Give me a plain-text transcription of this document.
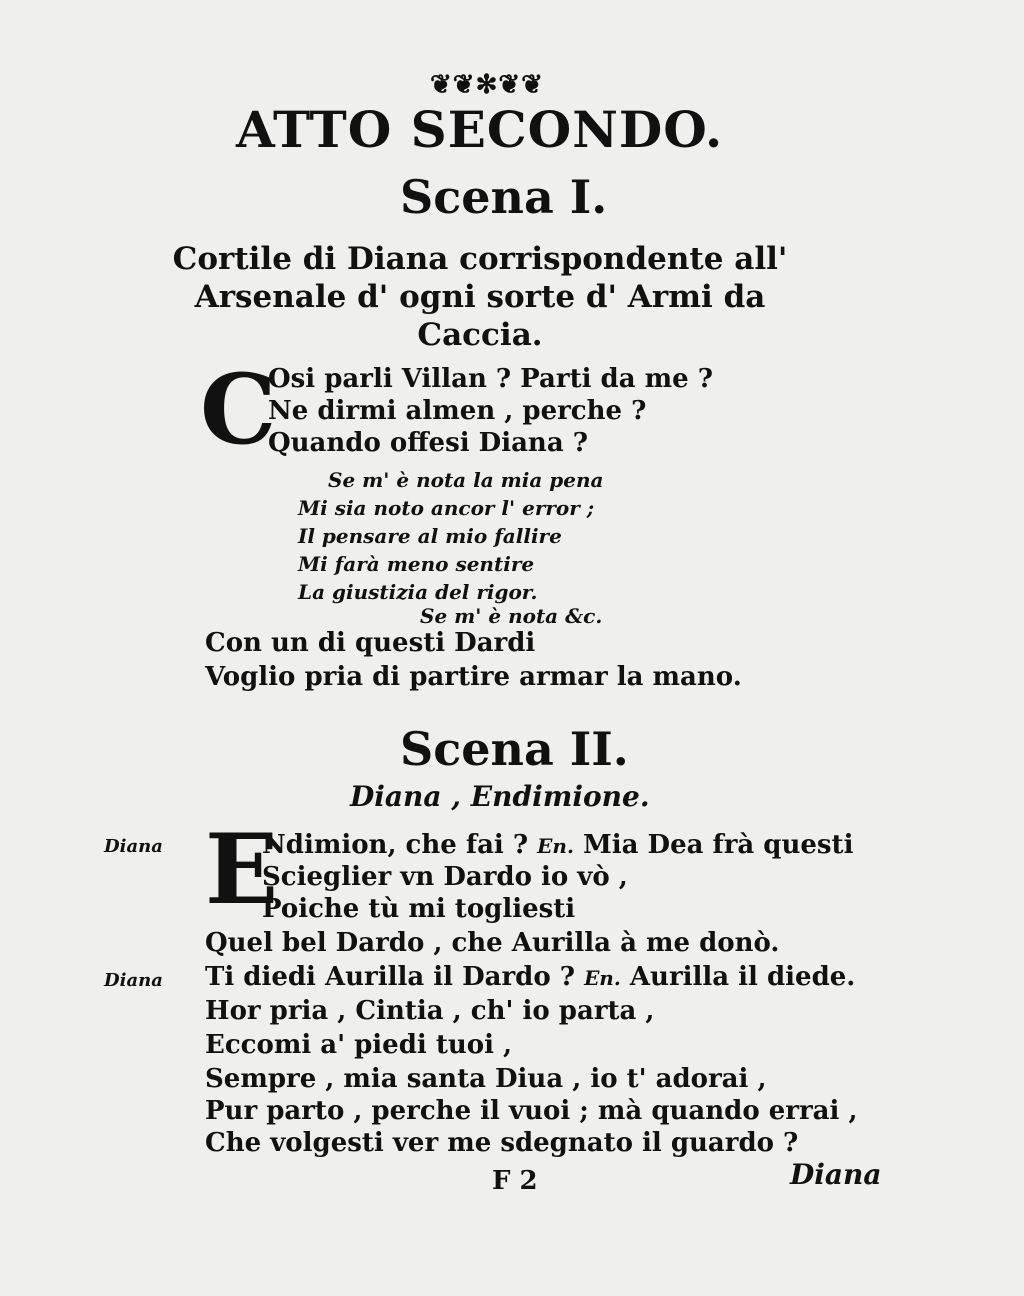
❦❦✻❦❦
ATTO SECONDO.
Scena I.
Cortile di Diana corrispondente all' Arsenale d' ogni sorte d' Armi da Caccia.
C
Osi parli Villan ? Parti da me ?
Ne dirmi almen , perche ?
Quando offesi Diana ?
Se m' è nota la mia pena
Mi sia noto ancor l' error ;
Il pensare al mio fallire
Mi farà meno sentire
La giustizia del rigor.
Se m' è nota &c.
Con un di questi Dardi
Voglio pria di partire armar la mano.
Scena II.
Diana , Endimione.
Diana E
Ndimion, che fai ? En. Mia Dea frà questi
Scieglier vn Dardo io vò ,
Poiche tù mi togliesti
Quel bel Dardo , che Aurilla à me donò.
Diana Ti diedi Aurilla il Dardo ? En. Aurilla il diede.
Hor pria , Cintia , ch' io parta ,
Eccomi a' piedi tuoi ,
Sempre , mia santa Diua , io t' adorai ,
Pur parto , perche il vuoi ; mà quando errai ,
Che volgesti ver me sdegnato il guardo ?
F 2	Diana
